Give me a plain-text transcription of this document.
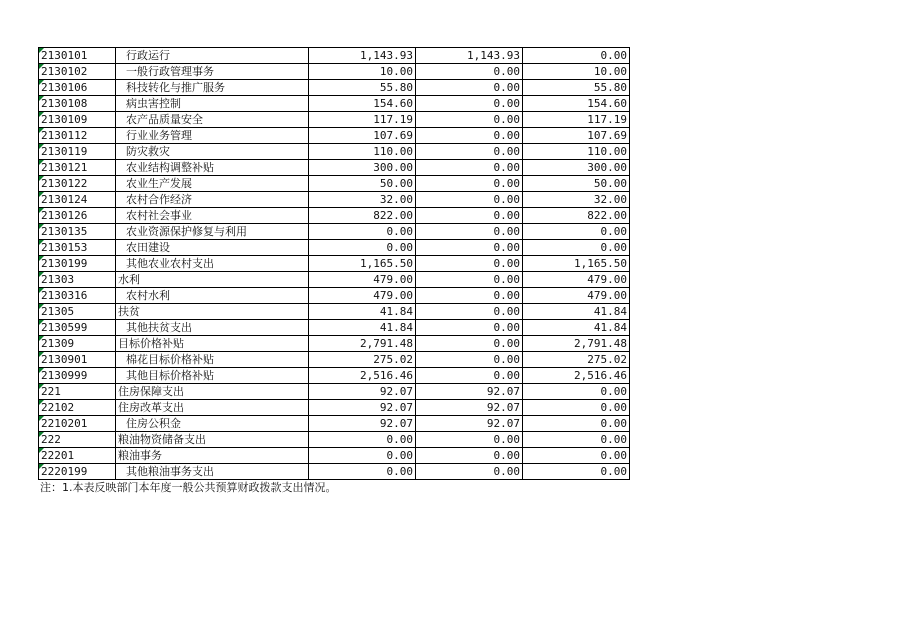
2130101	行政运行	1,143.93	1,143.93	0.00
2130102	一般行政管理事务	10.00	0.00	10.00
2130106	科技转化与推广服务	55.80	0.00	55.80
2130108	病虫害控制	154.60	0.00	154.60
2130109	农产品质量安全	117.19	0.00	117.19
2130112	行业业务管理	107.69	0.00	107.69
2130119	防灾救灾	110.00	0.00	110.00
2130121	农业结构调整补贴	300.00	0.00	300.00
2130122	农业生产发展	50.00	0.00	50.00
2130124	农村合作经济	32.00	0.00	32.00
2130126	农村社会事业	822.00	0.00	822.00
2130135	农业资源保护修复与利用	0.00	0.00	0.00
2130153	农田建设	0.00	0.00	0.00
2130199	其他农业农村支出	1,165.50	0.00	1,165.50
21303	水利	479.00	0.00	479.00
2130316	农村水利	479.00	0.00	479.00
21305	扶贫	41.84	0.00	41.84
2130599	其他扶贫支出	41.84	0.00	41.84
21309	目标价格补贴	2,791.48	0.00	2,791.48
2130901	棉花目标价格补贴	275.02	0.00	275.02
2130999	其他目标价格补贴	2,516.46	0.00	2,516.46
221	住房保障支出	92.07	92.07	0.00
22102	住房改革支出	92.07	92.07	0.00
2210201	住房公积金	92.07	92.07	0.00
222	粮油物资储备支出	0.00	0.00	0.00
22201	粮油事务	0.00	0.00	0.00
2220199	其他粮油事务支出	0.00	0.00	0.00
注：1.本表反映部门本年度一般公共预算财政拨款支出情况。
